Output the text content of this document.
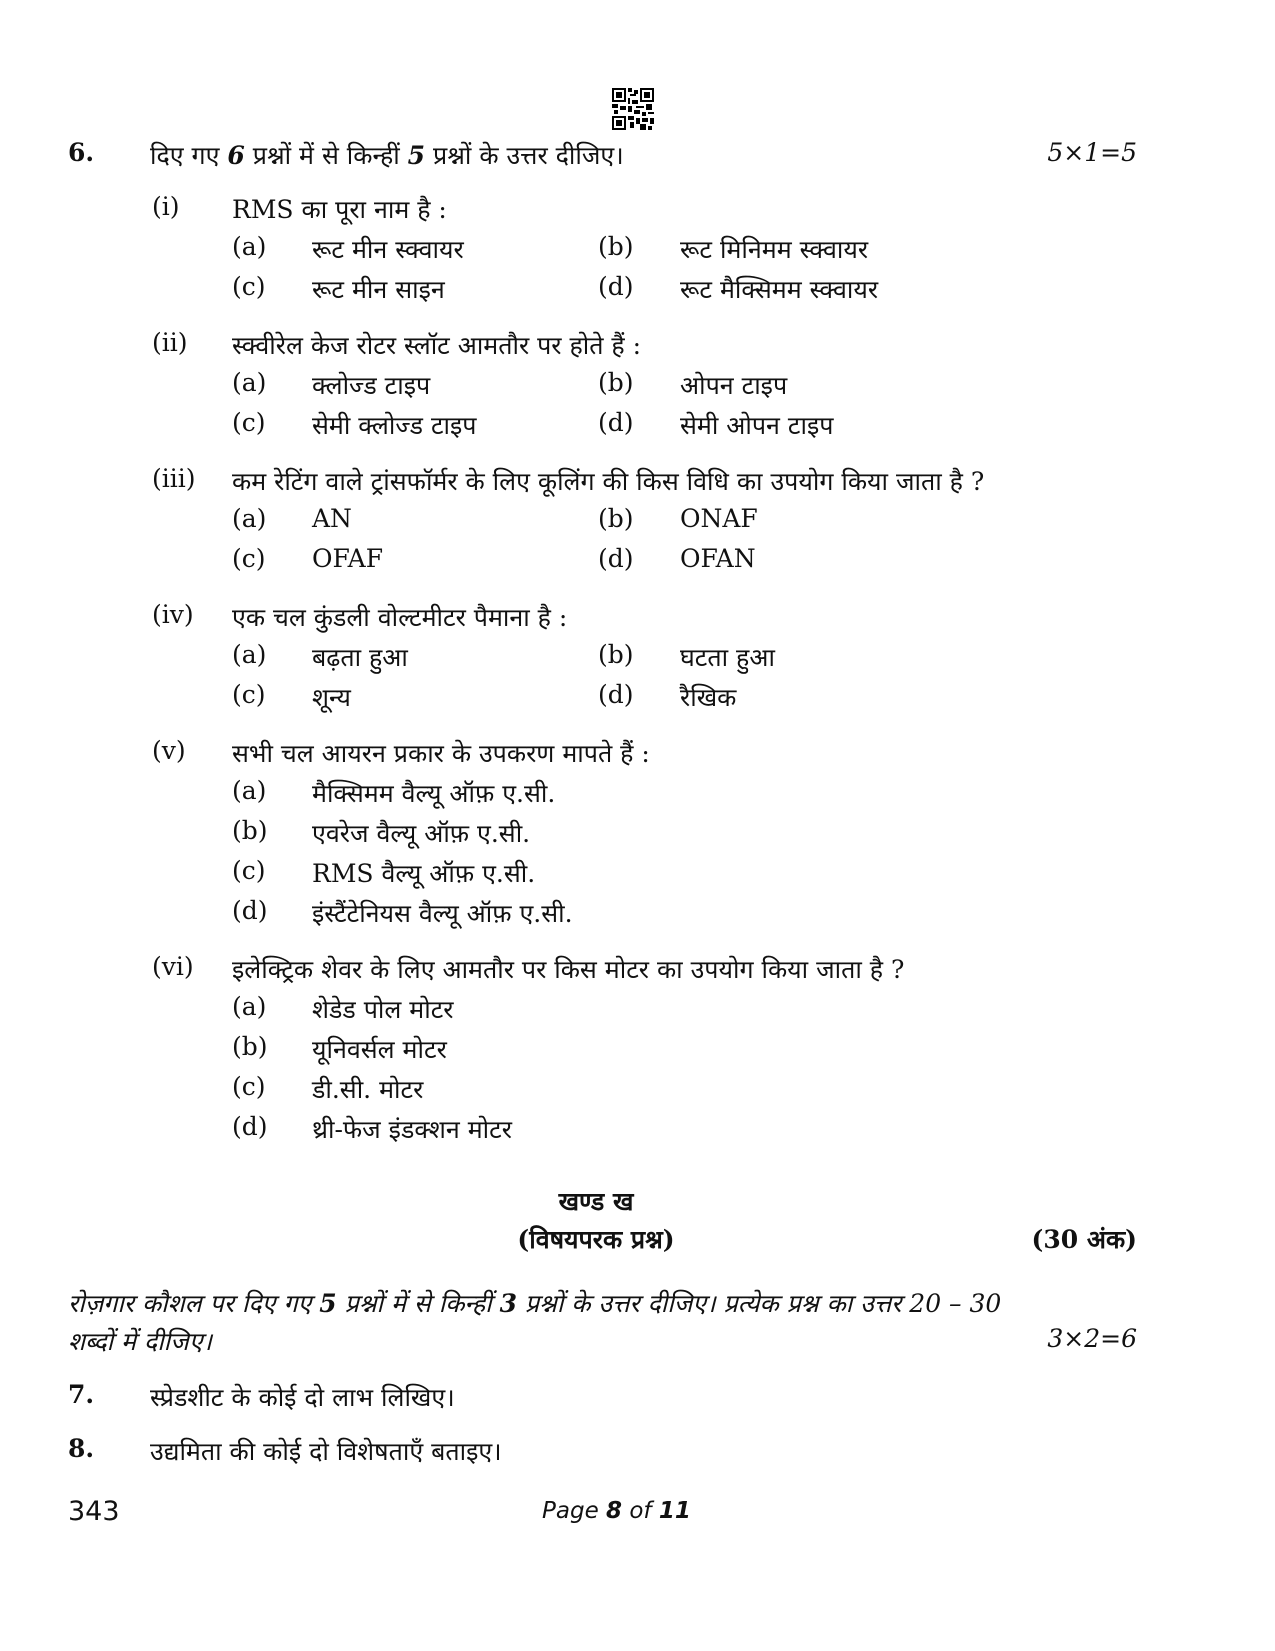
6. दिए गए 6 प्रश्नों में से किन्हीं 5 प्रश्नों के उत्तर दीजिए।	5×1=5
(i) RMS का पूरा नाम है :
(a) रूट मीन स्क्वायर	(b) रूट मिनिमम स्क्वायर
(c) रूट मीन साइन	(d) रूट मैक्सिमम स्क्वायर
(ii) स्क्वीरेल केज रोटर स्लॉट आमतौर पर होते हैं :
(a) क्लोज्ड टाइप	(b) ओपन टाइप
(c) सेमी क्लोज्ड टाइप	(d) सेमी ओपन टाइप
(iii) कम रेटिंग वाले ट्रांसफॉर्मर के लिए कूलिंग की किस विधि का उपयोग किया जाता है ?
(a) AN	(b) ONAF
(c) OFAF	(d) OFAN
(iv) एक चल कुंडली वोल्टमीटर पैमाना है :
(a) बढ़ता हुआ	(b) घटता हुआ
(c) शून्य	(d) रैखिक
(v) सभी चल आयरन प्रकार के उपकरण मापते हैं :
(a) मैक्सिमम वैल्यू ऑफ़ ए.सी.
(b) एवरेज वैल्यू ऑफ़ ए.सी.
(c) RMS वैल्यू ऑफ़ ए.सी.
(d) इंस्टैंटेनियस वैल्यू ऑफ़ ए.सी.
(vi) इलेक्ट्रिक शेवर के लिए आमतौर पर किस मोटर का उपयोग किया जाता है ?
(a) शेडेड पोल मोटर
(b) यूनिवर्सल मोटर
(c) डी.सी. मोटर
(d) थ्री-फेज इंडक्शन मोटर
खण्ड ख
(विषयपरक प्रश्न)	(30 अंक)
रोज़गार कौशल पर दिए गए 5 प्रश्नों में से किन्हीं 3 प्रश्नों के उत्तर दीजिए। प्रत्येक प्रश्न का उत्तर 20 – 30
शब्दों में दीजिए।	3×2=6
7. स्प्रेडशीट के कोई दो लाभ लिखिए।
8. उद्यमिता की कोई दो विशेषताएँ बताइए।
343	Page 8 of 11
